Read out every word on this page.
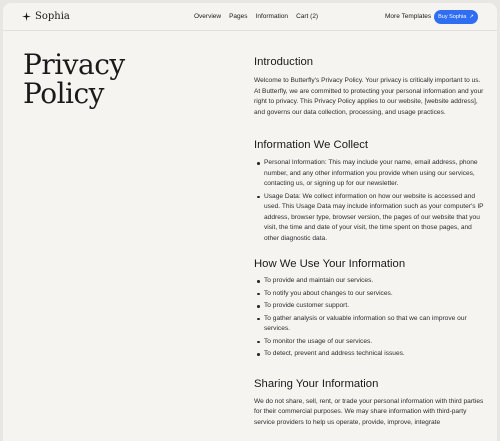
Sophia	Overview Pages Information Cart (2)	More Templates Buy Sophia ↗
Privacy
Policy
Introduction

Welcome to Butterfly's Privacy Policy. Your privacy is critically important to us. At Butterfly, we are committed to protecting your personal information and your right to privacy. This Privacy Policy applies to our website, [website address], and governs our data collection, processing, and usage practices.

Information We Collect
Personal Information: This may include your name, email address, phone number, and any other information you provide when using our services, contacting us, or signing up for our newsletter.
Usage Data: We collect information on how our website is accessed and used. This Usage Data may include information such as your computer's IP address, browser type, browser version, the pages of our website that you visit, the time and date of your visit, the time spent on those pages, and other diagnostic data.
How We Use Your Information
To provide and maintain our services.
To notify you about changes to our services.
To provide customer support.
To gather analysis or valuable information so that we can improve our services.
To monitor the usage of our services.
To detect, prevent and address technical issues.
Sharing Your Information

We do not share, sell, rent, or trade your personal information with third parties for their commercial purposes. We may share information with third-party service providers to help us operate, provide, improve, integrate
